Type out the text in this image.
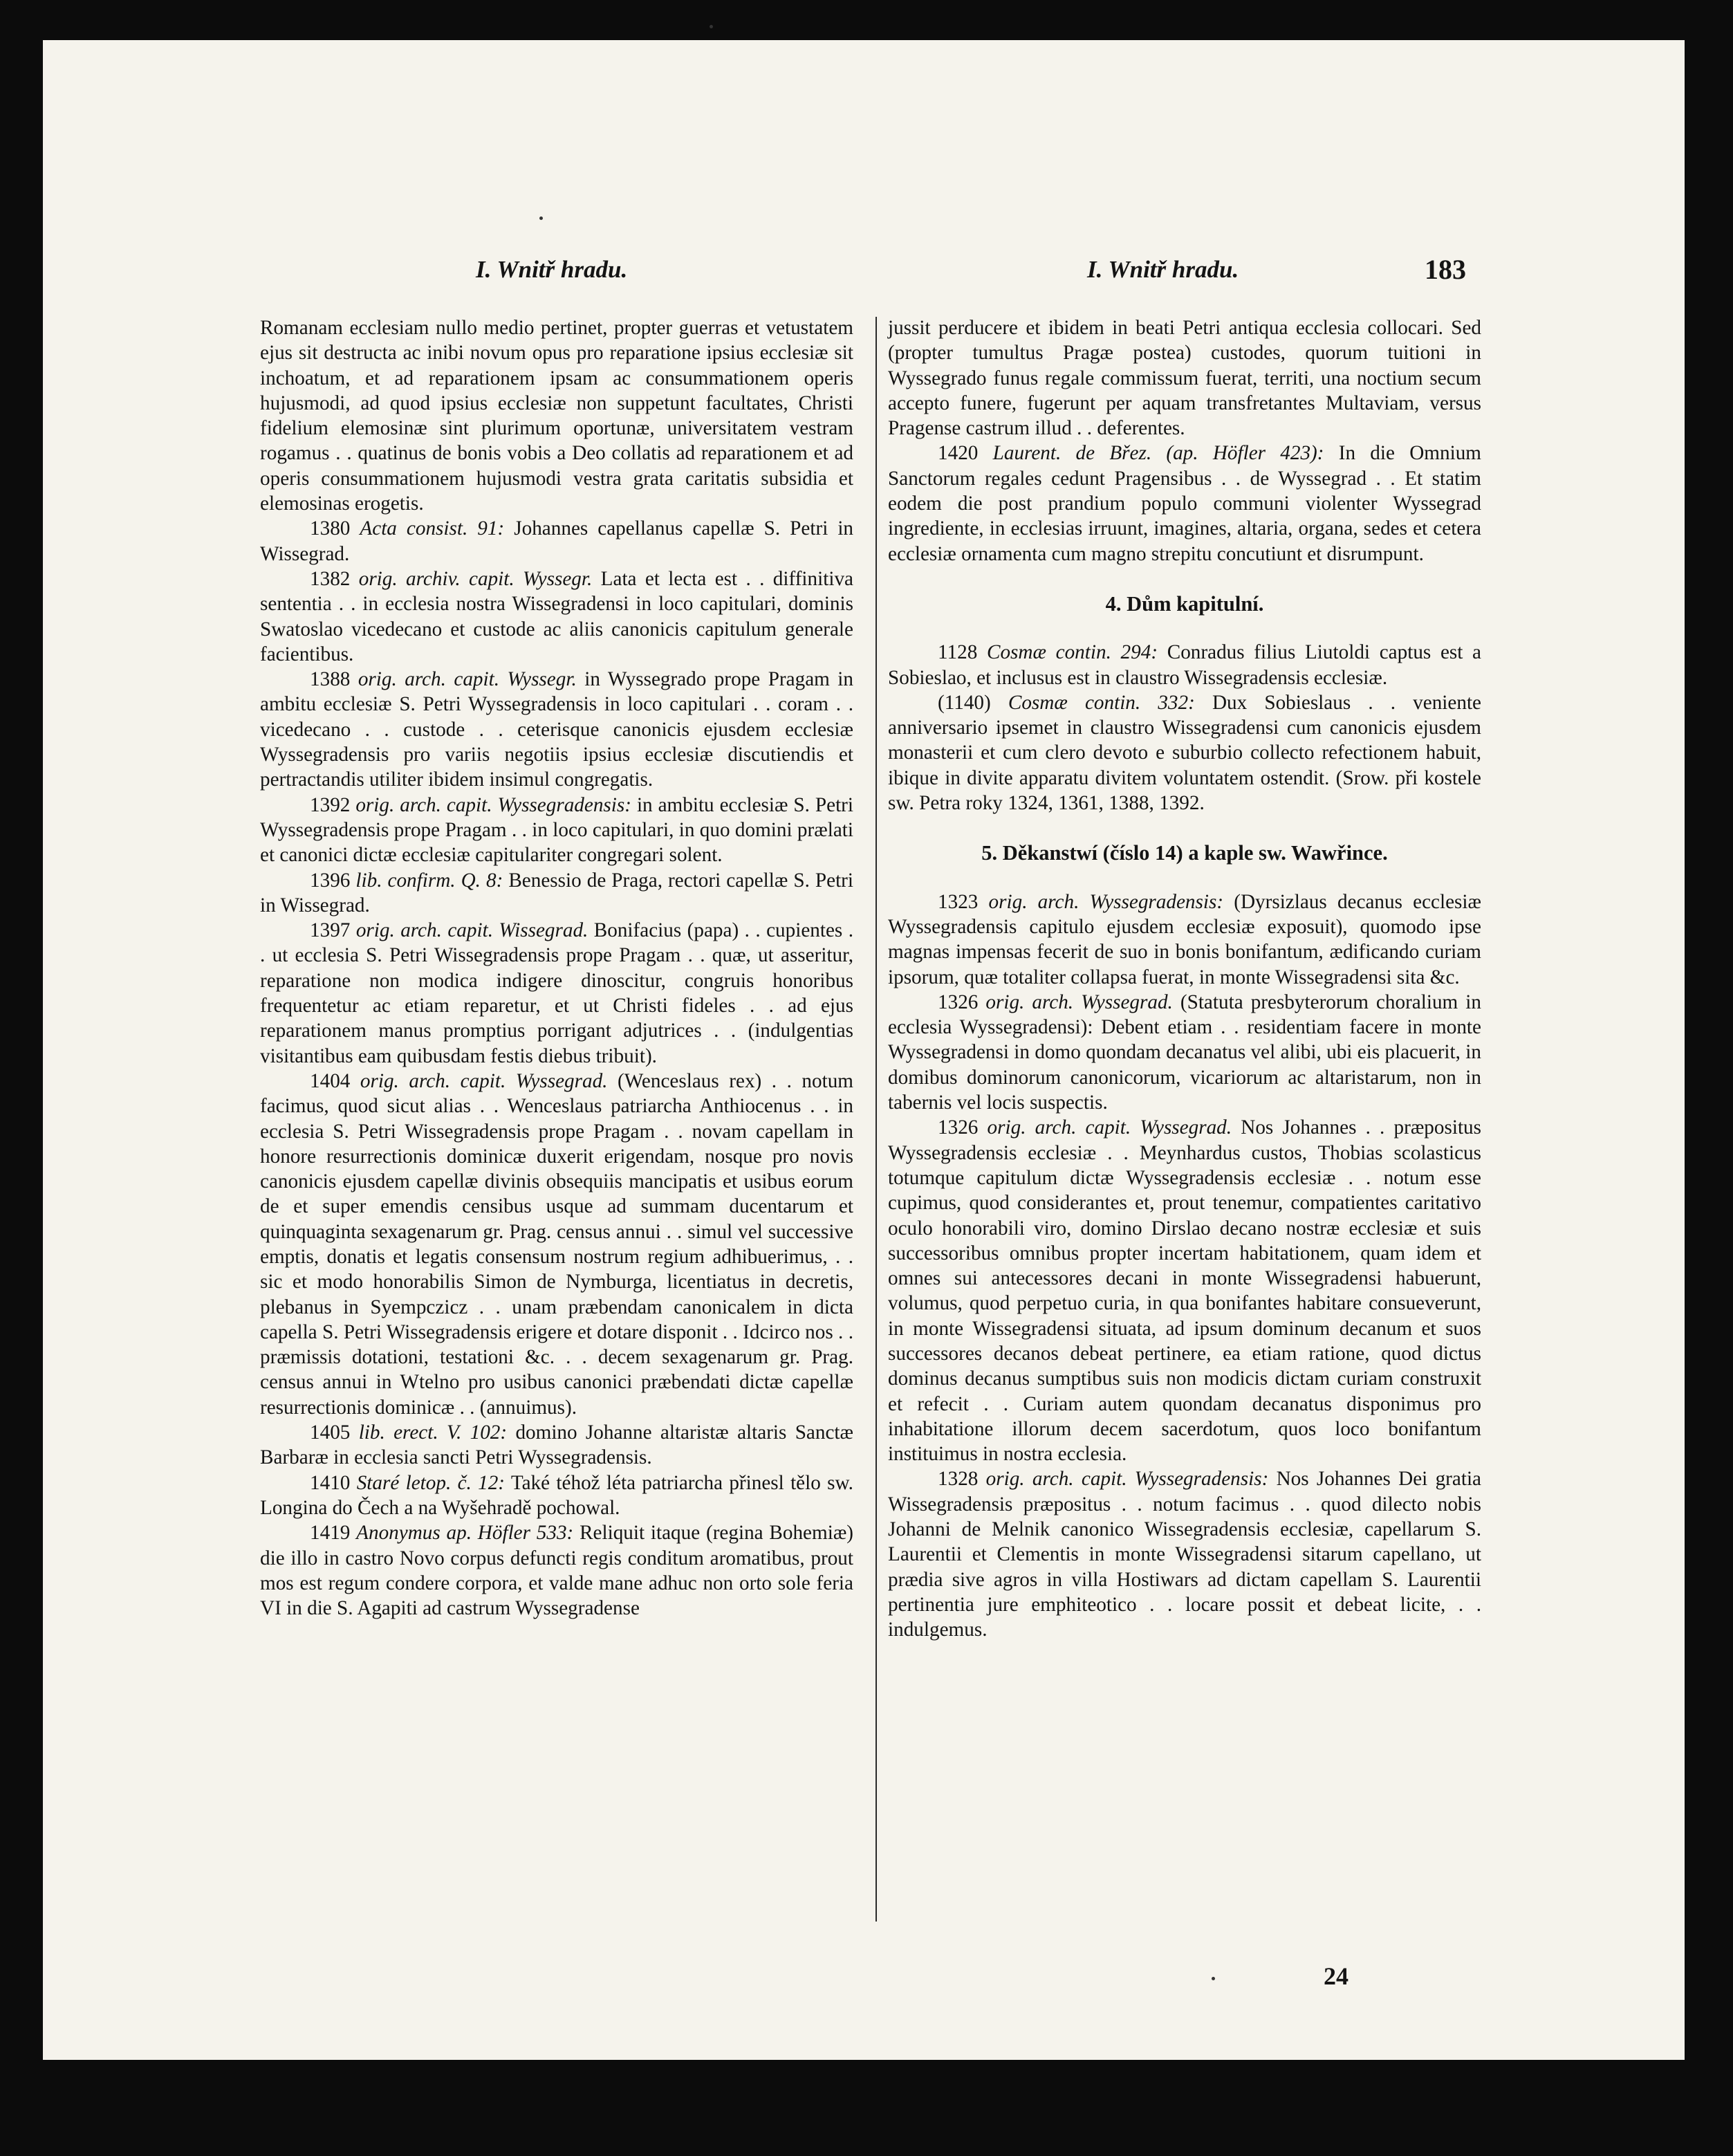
I. Wnitř hradu.	I. Wnitř hradu.	183

Romanam ecclesiam nullo medio pertinet, propter guerras et vetustatem ejus sit destructa ac inibi novum opus pro reparatione ipsius ecclesiæ sit inchoatum, et ad reparationem ipsam ac consummationem operis hujusmodi, ad quod ipsius ecclesiæ non suppetunt facultates, Christi fidelium elemosinæ sint plurimum oportunæ, universitatem vestram rogamus . . quatinus de bonis vobis a Deo collatis ad reparationem et ad operis consummationem hujusmodi vestra grata caritatis subsidia et elemosinas erogetis.

1380 Acta consist. 91: Johannes capellanus capellæ S. Petri in Wissegrad.

1382 orig. archiv. capit. Wyssegr. Lata et lecta est . . diffinitiva sententia . . in ecclesia nostra Wissegradensi in loco capitulari, dominis Swatoslao vicedecano et custode ac aliis canonicis capitulum generale facientibus.

1388 orig. arch. capit. Wyssegr. in Wyssegrado prope Pragam in ambitu ecclesiæ S. Petri Wyssegradensis in loco capitulari . . coram . . vicedecano . . custode . . ceterisque canonicis ejusdem ecclesiæ Wyssegradensis pro variis negotiis ipsius ecclesiæ discutiendis et pertractandis utiliter ibidem insimul congregatis.

1392 orig. arch. capit. Wyssegradensis: in ambitu ecclesiæ S. Petri Wyssegradensis prope Pragam . . in loco capitulari, in quo domini prælati et canonici dictæ ecclesiæ capitulariter congregari solent.

1396 lib. confirm. Q. 8: Benessio de Praga, rectori capellæ S. Petri in Wissegrad.

1397 orig. arch. capit. Wissegrad. Bonifacius (papa) . . cupientes . . ut ecclesia S. Petri Wissegradensis prope Pragam . . quæ, ut asseritur, reparatione non modica indigere dinoscitur, congruis honoribus frequentetur ac etiam reparetur, et ut Christi fideles . . ad ejus reparationem manus promptius porrigant adjutrices . . (indulgentias visitantibus eam quibusdam festis diebus tribuit).

1404 orig. arch. capit. Wyssegrad. (Wenceslaus rex) . . notum facimus, quod sicut alias . . Wenceslaus patriarcha Anthiocenus . . in ecclesia S. Petri Wissegradensis prope Pragam . . novam capellam in honore resurrectionis dominicæ duxerit erigendam, nosque pro novis canonicis ejusdem capellæ divinis obsequiis mancipatis et usibus eorum de et super emendis censibus usque ad summam ducentarum et quinquaginta sexagenarum gr. Prag. census annui . . simul vel successive emptis, donatis et legatis consensum nostrum regium adhibuerimus, . . sic et modo honorabilis Simon de Nymburga, licentiatus in decretis, plebanus in Syempczicz . . unam præbendam canonicalem in dicta capella S. Petri Wissegradensis erigere et dotare disponit . . Idcirco nos . . præmissis dotationi, testationi &c. . . decem sexagenarum gr. Prag. census annui in Wtelno pro usibus canonici præbendati dictæ capellæ resurrectionis dominicæ . . (annuimus).

1405 lib. erect. V. 102: domino Johanne altaristæ altaris Sanctæ Barbaræ in ecclesia sancti Petri Wyssegradensis.

1410 Staré letop. č. 12: Také téhož léta patriarcha přinesl tělo sw. Longina do Čech a na Wyšehradě pochowal.

1419 Anonymus ap. Höfler 533: Reliquit itaque (regina Bohemiæ) die illo in castro Novo corpus defuncti regis conditum aromatibus, prout mos est regum condere corpora, et valde mane adhuc non orto sole feria VI in die S. Agapiti ad castrum Wyssegradense

jussit perducere et ibidem in beati Petri antiqua ecclesia collocari. Sed (propter tumultus Pragæ postea) custodes, quorum tuitioni in Wyssegrado funus regale commissum fuerat, territi, una noctium secum accepto funere, fugerunt per aquam transfretantes Multaviam, versus Pragense castrum illud . . deferentes.

1420 Laurent. de Břez. (ap. Höfler 423): In die Omnium Sanctorum regales cedunt Pragensibus . . de Wyssegrad . . Et statim eodem die post prandium populo communi violenter Wyssegrad ingrediente, in ecclesias irruunt, imagines, altaria, organa, sedes et cetera ecclesiæ ornamenta cum magno strepitu concutiunt et disrumpunt.

4. Dům kapitulní.

1128 Cosmæ contin. 294: Conradus filius Liutoldi captus est a Sobieslao, et inclusus est in claustro Wissegradensis ecclesiæ.

(1140) Cosmæ contin. 332: Dux Sobieslaus . . veniente anniversario ipsemet in claustro Wissegradensi cum canonicis ejusdem monasterii et cum clero devoto e suburbio collecto refectionem habuit, ibique in divite apparatu divitem voluntatem ostendit. (Srow. při kostele sw. Petra roky 1324, 1361, 1388, 1392.

5. Děkanstwí (číslo 14) a kaple sw. Wawřince.

1323 orig. arch. Wyssegradensis: (Dyrsizlaus decanus ecclesiæ Wyssegradensis capitulo ejusdem ecclesiæ exposuit), quomodo ipse magnas impensas fecerit de suo in bonis bonifantum, ædificando curiam ipsorum, quæ totaliter collapsa fuerat, in monte Wissegradensi sita &c.

1326 orig. arch. Wyssegrad. (Statuta presbyterorum choralium in ecclesia Wyssegradensi): Debent etiam . . residentiam facere in monte Wyssegradensi in domo quondam decanatus vel alibi, ubi eis placuerit, in domibus dominorum canonicorum, vicariorum ac altaristarum, non in tabernis vel locis suspectis.

1326 orig. arch. capit. Wyssegrad. Nos Johannes . . præpositus Wyssegradensis ecclesiæ . . Meynhardus custos, Thobias scolasticus totumque capitulum dictæ Wyssegradensis ecclesiæ . . notum esse cupimus, quod considerantes et, prout tenemur, compatientes caritativo oculo honorabili viro, domino Dirslao decano nostræ ecclesiæ et suis successoribus omnibus propter incertam habitationem, quam idem et omnes sui antecessores decani in monte Wissegradensi habuerunt, volumus, quod perpetuo curia, in qua bonifantes habitare consueverunt, in monte Wissegradensi situata, ad ipsum dominum decanum et suos successores decanos debeat pertinere, ea etiam ratione, quod dictus dominus decanus sumptibus suis non modicis dictam curiam construxit et refecit . . Curiam autem quondam decanatus disponimus pro inhabitatione illorum decem sacerdotum, quos loco bonifantum instituimus in nostra ecclesia.

1328 orig. arch. capit. Wyssegradensis: Nos Johannes Dei gratia Wissegradensis præpositus . . notum facimus . . quod dilecto nobis Johanni de Melnik canonico Wissegradensis ecclesiæ, capellarum S. Laurentii et Clementis in monte Wissegradensi sitarum capellano, ut prædia sive agros in villa Hostiwars ad dictam capellam S. Laurentii pertinentia jure emphiteotico . . locare possit et debeat licite, . . indulgemus.

24
